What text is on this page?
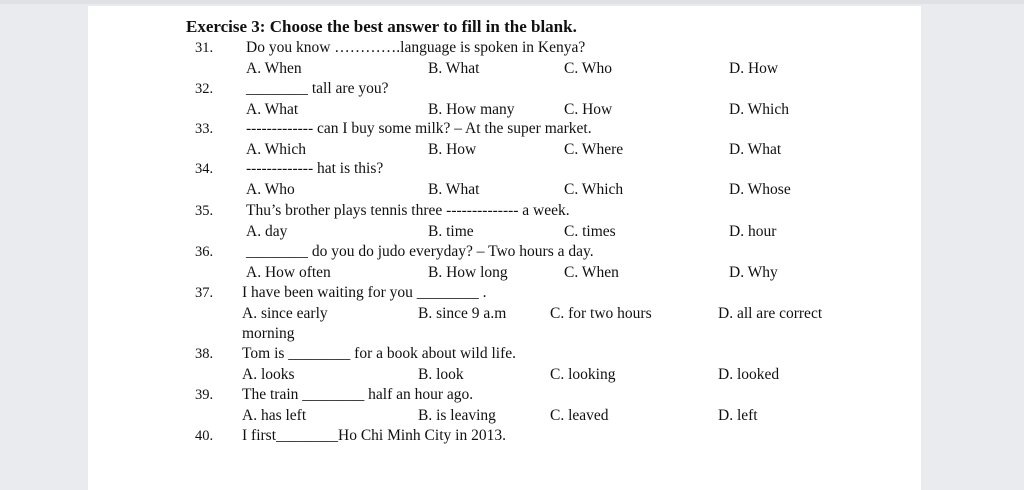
Exercise 3: Choose the best answer to fill in the blank.
31. Do you know ………….language is spoken in Kenya?
A. When	B. What	C. Who	D. How
32. ________ tall are you?
A. What	B. How many	C. How	D. Which
33. ------------- can I buy some milk? – At the super market.
A. Which	B. How	C. Where	D. What
34. ------------- hat is this?
A. Who	B. What	C. Which	D. Whose
35. Thu’s brother plays tennis three -------------- a week.
A. day	B. time	C. times	D. hour
36. ________ do you do judo everyday? – Two hours a day.
A. How often	B. How long	C. When	D. Why
37. I have been waiting for you ________ .
A. since early
morning
B. since 9 a.m	C. for two hours	D. all are correct
38. Tom is ________ for a book about wild life.
A. looks	B. look	C. looking	D. looked
39. The train ________ half an hour ago.
A. has left	B. is leaving	C. leaved	D. left
40. I first________Ho Chi Minh City in 2013.
